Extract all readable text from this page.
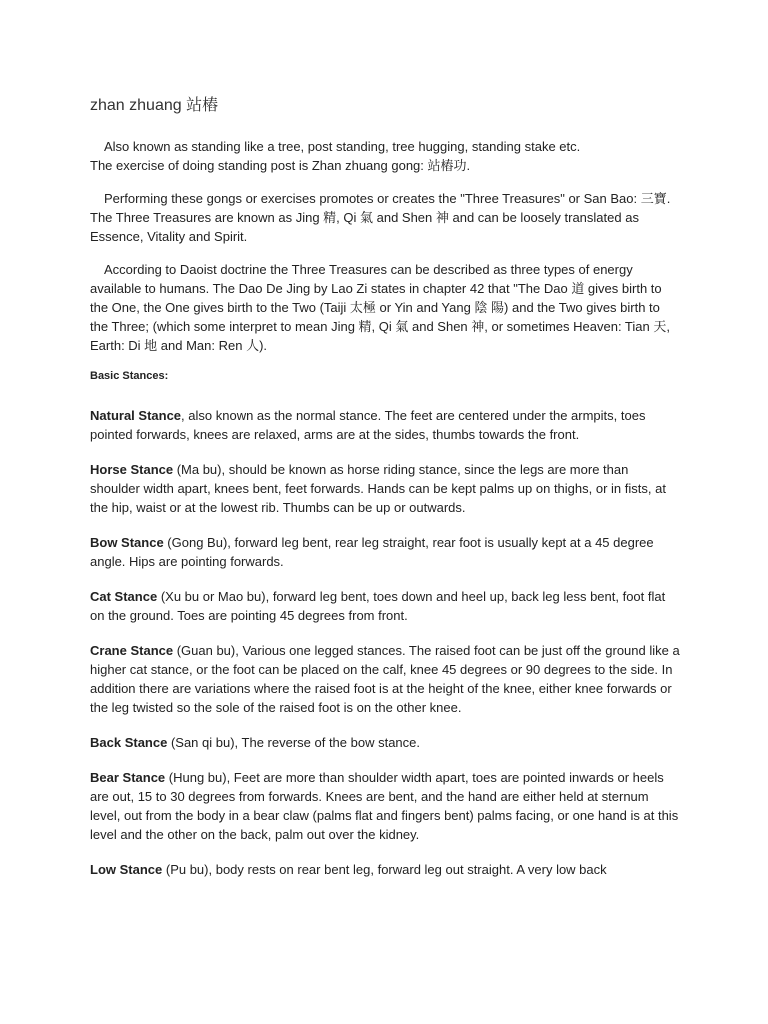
zhan zhuang 站樁

Also known as standing like a tree, post standing, tree hugging, standing stake etc.

The exercise of doing standing post is Zhan zhuang gong: 站樁功.

Performing these gongs or exercises promotes or creates the "Three Treasures" or San Bao: 三寶. The Three Treasures are known as Jing 精, Qi 氣 and Shen 神 and can be loosely translated as Essence, Vitality and Spirit.

According to Daoist doctrine the Three Treasures can be described as three types of energy available to humans. The Dao De Jing by Lao Zi states in chapter 42 that "The Dao 道 gives birth to the One, the One gives birth to the Two (Taiji 太極 or Yin and Yang 陰 陽) and the Two gives birth to the Three; (which some interpret to mean Jing 精, Qi 氣 and Shen 神, or sometimes Heaven: Tian 天, Earth: Di 地 and Man: Ren 人).

Basic Stances:

Natural Stance, also known as the normal stance. The feet are centered under the armpits, toes pointed forwards, knees are relaxed, arms are at the sides, thumbs towards the front.

Horse Stance (Ma bu), should be known as horse riding stance, since the legs are more than shoulder width apart, knees bent, feet forwards. Hands can be kept palms up on thighs, or in fists, at the hip, waist or at the lowest rib. Thumbs can be up or outwards.

Bow Stance (Gong Bu), forward leg bent, rear leg straight, rear foot is usually kept at a 45 degree angle. Hips are pointing forwards.

Cat Stance (Xu bu or Mao bu), forward leg bent, toes down and heel up, back leg less bent, foot flat on the ground. Toes are pointing 45 degrees from front.

Crane Stance (Guan bu), Various one legged stances. The raised foot can be just off the ground like a higher cat stance, or the foot can be placed on the calf, knee 45 degrees or 90 degrees to the side. In addition there are variations where the raised foot is at the height of the knee, either knee forwards or the leg twisted so the sole of the raised foot is on the other knee.

Back Stance (San qi bu), The reverse of the bow stance.

Bear Stance (Hung bu), Feet are more than shoulder width apart, toes are pointed inwards or heels are out, 15 to 30 degrees from forwards. Knees are bent, and the hand are either held at sternum level, out from the body in a bear claw (palms flat and fingers bent) palms facing, or one hand is at this level and the other on the back, palm out over the kidney.

Low Stance (Pu bu), body rests on rear bent leg, forward leg out straight. A very low back
